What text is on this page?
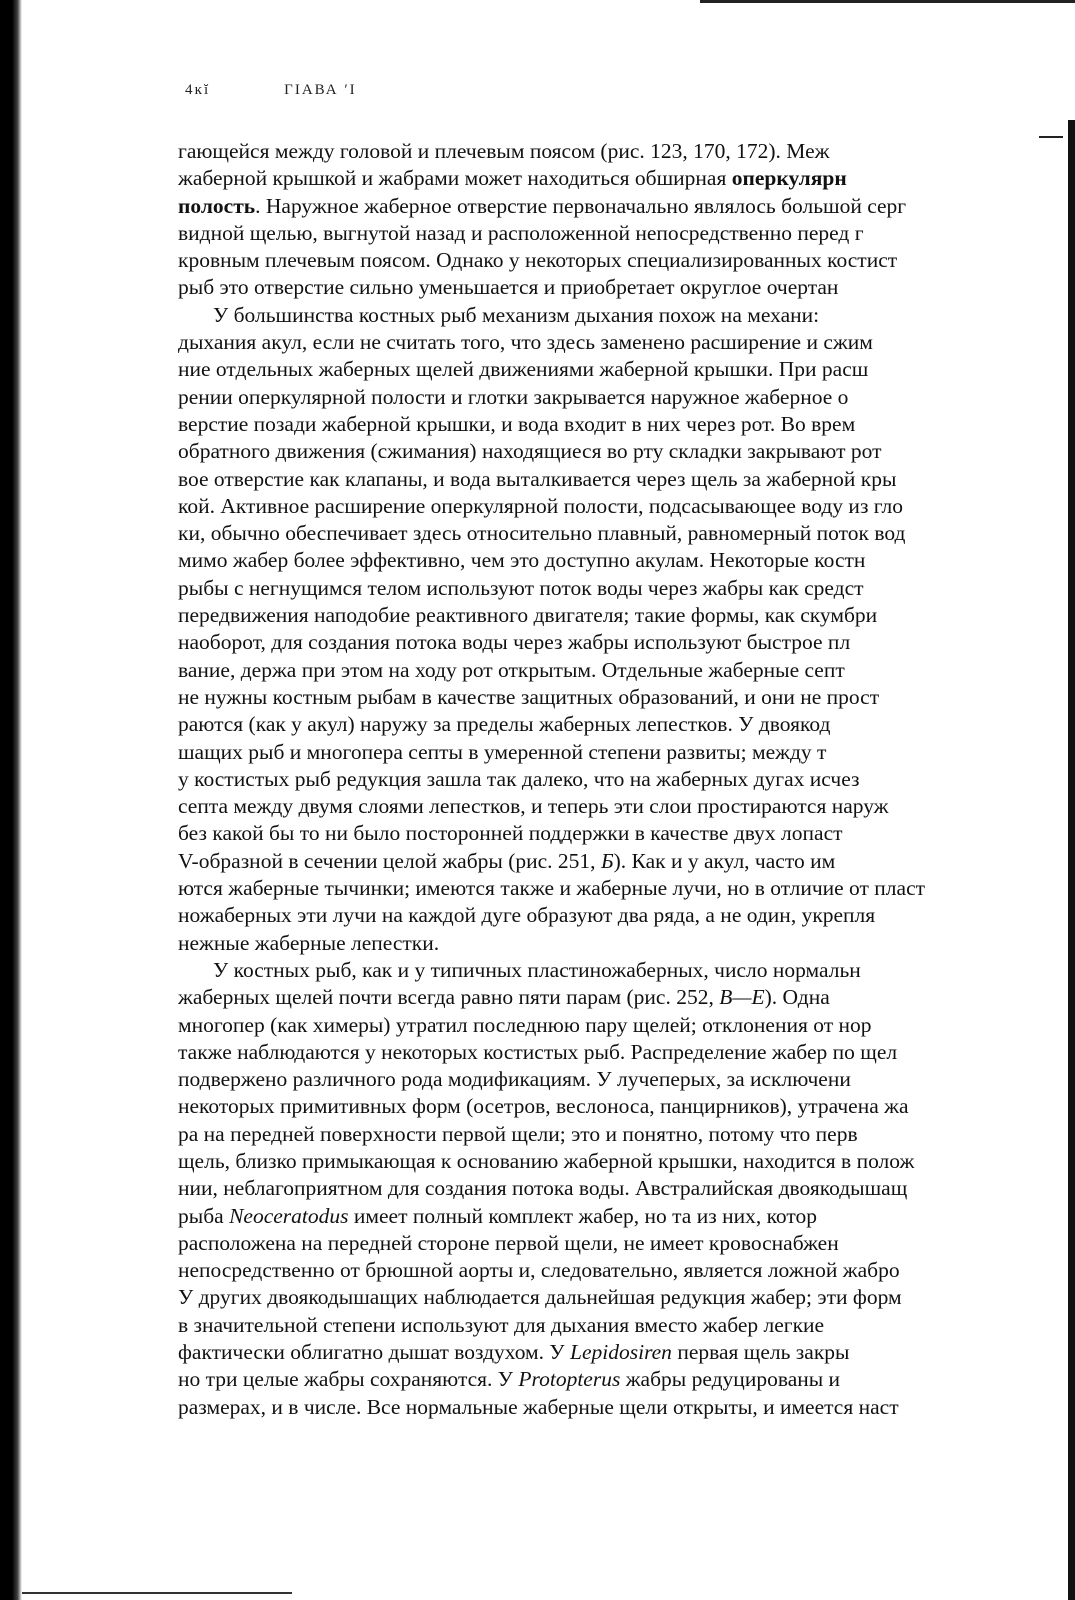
4ĸĭ	ГІАВА ʹІ
гающейся между головой и плечевым поясом (рис. 123, 170, 172). Меж
жаберной крышкой и жабрами может находиться обширная оперкулярн
полость. Наружное жаберное отверстие первоначально являлось большой серг
видной щелью, выгнутой назад и расположенной непосредственно перед г
кровным плечевым поясом. Однако у некоторых специализированных костист
рыб это отверстие сильно уменьшается и приобретает округлое очертан
У большинства костных рыб механизм дыхания похож на механи:
дыхания акул, если не считать того, что здесь заменено расширение и сжим
ние отдельных жаберных щелей движениями жаберной крышки. При расш
рении оперкулярной полости и глотки закрывается наружное жаберное о
верстие позади жаберной крышки, и вода входит в них через рот. Во врем
обратного движения (сжимания) находящиеся во рту складки закрывают рот
вое отверстие как клапаны, и вода выталкивается через щель за жаберной кры
кой. Активное расширение оперкулярной полости, подсасывающее воду из гло
ки, обычно обеспечивает здесь относительно плавный, равномерный поток вод
мимо жабер более эффективно, чем это доступно акулам. Некоторые костн
рыбы с негнущимся телом используют поток воды через жабры как средст
передвижения наподобие реактивного двигателя; такие формы, как скумбри
наоборот, для создания потока воды через жабры используют быстрое пл
вание, держа при этом на ходу рот открытым. Отдельные жаберные септ
не нужны костным рыбам в качестве защитных образований, и они не прост
раются (как у акул) наружу за пределы жаберных лепестков. У двоякод
шащих рыб и многопера септы в умеренной степени развиты; между т
у костистых рыб редукция зашла так далеко, что на жаберных дугах исчез
септа между двумя слоями лепестков, и теперь эти слои простираются наруж
без какой бы то ни было посторонней поддержки в качестве двух лопаст
V-образной в сечении целой жабры (рис. 251, Б). Как и у акул, часто им
ются жаберные тычинки; имеются также и жаберные лучи, но в отличие от пласт
ножаберных эти лучи на каждой дуге образуют два ряда, а не один, укрепля
нежные жаберные лепестки.
У костных рыб, как и у типичных пластиножаберных, число нормальн
жаберных щелей почти всегда равно пяти парам (рис. 252, В—Е). Одна
многопер (как химеры) утратил последнюю пару щелей; отклонения от нор
также наблюдаются у некоторых костистых рыб. Распределение жабер по щел
подвержено различного рода модификациям. У лучеперых, за исключени
некоторых примитивных форм (осетров, веслоноса, панцирников), утрачена жа
ра на передней поверхности первой щели; это и понятно, потому что перв
щель, близко примыкающая к основанию жаберной крышки, находится в полож
нии, неблагоприятном для создания потока воды. Австралийская двоякодышащ
рыба Neoceratodus имеет полный комплект жабер, но та из них, котор
расположена на передней стороне первой щели, не имеет кровоснабжен
непосредственно от брюшной аорты и, следовательно, является ложной жабро
У других двоякодышащих наблюдается дальнейшая редукция жабер; эти форм
в значительной степени используют для дыхания вместо жабер легкие
фактически облигатно дышат воздухом. У Lepidosiren первая щель закры
но три целые жабры сохраняются. У Protopterus жабры редуцированы и
размерах, и в числе. Все нормальные жаберные щели открыты, и имеется наст
